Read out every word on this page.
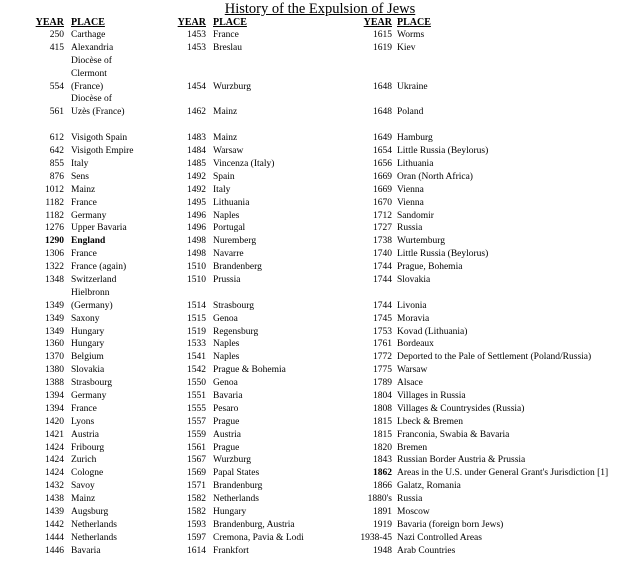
History of the Expulsion of Jews
YEAR PLACE
250 Carthage
415 Alexandria
554
Diocèse of Clermont (France)
561
Diocèse of Uzès (France)
612 Visigoth Spain
642 Visigoth Empire
855 Italy
876 Sens
1012 Mainz
1182 France
1182 Germany
1276 Upper Bavaria
1290 England
1306 France
1322 France (again)
1348 Switzerland
1349
Hielbronn (Germany)
1349 Saxony
1349 Hungary
1360 Hungary
1370 Belgium
1380 Slovakia
1388 Strasbourg
1394 Germany
1394 France
1420 Lyons
1421 Austria
1424 Fribourg
1424 Zurich
1424 Cologne
1432 Savoy
1438 Mainz
1439 Augsburg
1442 Netherlands
1444 Netherlands
1446 Bavaria
YEAR PLACE
1453 France
1453 Breslau
1454 Wurzburg
1462 Mainz
1483 Mainz
1484 Warsaw
1485 Vincenza (Italy)
1492 Spain
1492 Italy
1495 Lithuania
1496 Naples
1496 Portugal
1498 Nuremberg
1498 Navarre
1510 Brandenberg
1510 Prussia
1514 Strasbourg
1515 Genoa
1519 Regensburg
1533 Naples
1541 Naples
1542 Prague & Bohemia
1550 Genoa
1551 Bavaria
1555 Pesaro
1557 Prague
1559 Austria
1561 Prague
1567 Wurzburg
1569 Papal States
1571 Brandenburg
1582 Netherlands
1582 Hungary
1593 Brandenburg, Austria
1597 Cremona, Pavia & Lodi
1614 Frankfort
YEAR PLACE
1615 Worms
1619 Kiev
1648 Ukraine
1648 Poland
1649 Hamburg
1654 Little Russia (Beylorus)
1656 Lithuania
1669 Oran (North Africa)
1669 Vienna
1670 Vienna
1712 Sandomir
1727 Russia
1738 Wurtemburg
1740 Little Russia (Beylorus)
1744 Prague, Bohemia
1744 Slovakia
1744 Livonia
1745 Moravia
1753 Kovad (Lithuania)
1761 Bordeaux
1772 Deported to the Pale of Settlement (Poland/Russia)
1775 Warsaw
1789 Alsace
1804 Villages in Russia
1808 Villages & Countrysides (Russia)
1815 Lbeck & Bremen
1815 Franconia, Swabia & Bavaria
1820 Bremen
1843 Russian Border Austria & Prussia
1862 Areas in the U.S. under General Grant's Jurisdiction [1]
1866 Galatz, Romania
1880's Russia
1891 Moscow
1919 Bavaria (foreign born Jews)
1938-45 Nazi Controlled Areas
1948 Arab Countries
